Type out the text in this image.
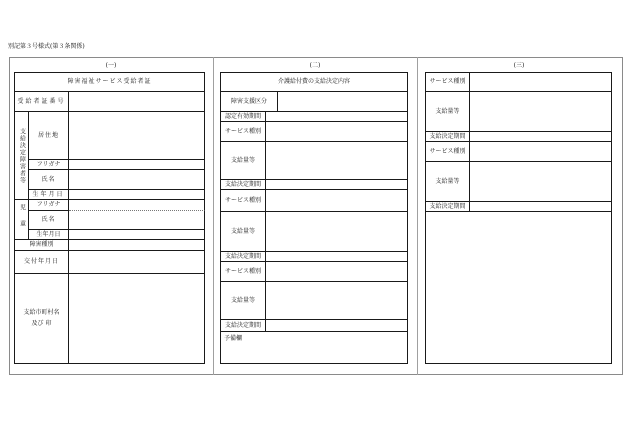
別記第３号様式(第３条関係)
(一)	(二)	(三)
障害福祉サービス受給者証
受給者証番号
支給決定障害者等	居住地
フリガナ
氏名
生年月日
児童	フリガナ
氏名
生年月日
障害種別
交付年月日
支給市町村名
及び 印
介護給付費の支給決定内容
障害支援区分
認定有効期間
サービス種別
支給量等
支給決定期間
サービス種別
支給量等
支給決定期間
サービス種別
支給量等
支給決定期間
予備欄
サービス種別
支給量等
支給決定期間
サービス種別
支給量等
支給決定期間
